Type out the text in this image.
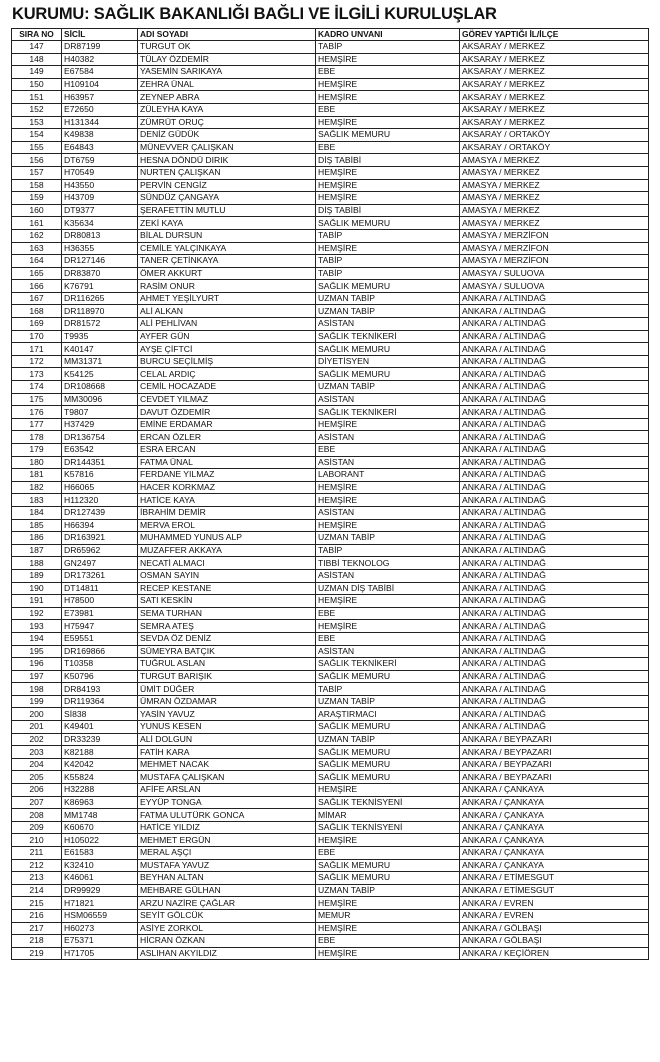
KURUMU: SAĞLIK BAKANLIĞI BAĞLI VE İLGİLİ KURULUŞLAR
SIRA NO	SİCİL	ADI SOYADI	KADRO UNVANI	GÖREV YAPTIĞI İL/İLÇE
147	DR87199	TURGUT OK	TABİP	AKSARAY / MERKEZ
148	H40382	TÜLAY ÖZDEMİR	HEMŞİRE	AKSARAY / MERKEZ
149	E67584	YASEMİN SARIKAYA	EBE	AKSARAY / MERKEZ
150	H109104	ZEHRA ÜNAL	HEMŞİRE	AKSARAY / MERKEZ
151	H63957	ZEYNEP ABRA	HEMŞİRE	AKSARAY / MERKEZ
152	E72650	ZÜLEYHA KAYA	EBE	AKSARAY / MERKEZ
153	H131344	ZÜMRÜT ORUÇ	HEMŞİRE	AKSARAY / MERKEZ
154	K49838	DENİZ GÜDÜK	SAĞLIK MEMURU	AKSARAY / ORTAKÖY
155	E64843	MÜNEVVER ÇALIŞKAN	EBE	AKSARAY / ORTAKÖY
156	DT6759	HESNA DÖNDÜ DIRIK	DİŞ TABİBİ	AMASYA / MERKEZ
157	H70549	NURTEN ÇALIŞKAN	HEMŞİRE	AMASYA / MERKEZ
158	H43550	PERVİN CENGİZ	HEMŞİRE	AMASYA / MERKEZ
159	H43709	SÜNDÜZ ÇANGAYA	HEMŞİRE	AMASYA / MERKEZ
160	DT9377	ŞERAFETTİN MUTLU	DİŞ TABİBİ	AMASYA / MERKEZ
161	K35634	ZEKİ KAYA	SAĞLIK MEMURU	AMASYA / MERKEZ
162	DR80813	BİLAL DURSUN	TABİP	AMASYA / MERZİFON
163	H36355	CEMİLE YALÇINKAYA	HEMŞİRE	AMASYA / MERZİFON
164	DR127146	TANER ÇETİNKAYA	TABİP	AMASYA / MERZİFON
165	DR83870	ÖMER AKKURT	TABİP	AMASYA / SULUOVA
166	K76791	RASİM ONUR	SAĞLIK MEMURU	AMASYA / SULUOVA
167	DR116265	AHMET YEŞİLYURT	UZMAN TABİP	ANKARA / ALTINDAĞ
168	DR118970	ALİ ALKAN	UZMAN TABİP	ANKARA / ALTINDAĞ
169	DR81572	ALİ PEHLİVAN	ASİSTAN	ANKARA / ALTINDAĞ
170	T9935	AYFER GÜN	SAĞLIK TEKNİKERİ	ANKARA / ALTINDAĞ
171	K40147	AYŞE ÇİFTCİ	SAĞLIK MEMURU	ANKARA / ALTINDAĞ
172	MM31371	BURCU SEÇİLMİŞ	DİYETİSYEN	ANKARA / ALTINDAĞ
173	K54125	CELAL ARDIÇ	SAĞLIK MEMURU	ANKARA / ALTINDAĞ
174	DR108668	CEMİL HOCAZADE	UZMAN TABİP	ANKARA / ALTINDAĞ
175	MM30096	CEVDET YILMAZ	ASİSTAN	ANKARA / ALTINDAĞ
176	T9807	DAVUT ÖZDEMİR	SAĞLIK TEKNİKERİ	ANKARA / ALTINDAĞ
177	H37429	EMİNE ERDAMAR	HEMŞİRE	ANKARA / ALTINDAĞ
178	DR136754	ERCAN ÖZLER	ASİSTAN	ANKARA / ALTINDAĞ
179	E63542	ESRA ERCAN	EBE	ANKARA / ALTINDAĞ
180	DR144351	FATMA ÜNAL	ASİSTAN	ANKARA / ALTINDAĞ
181	K57816	FERDANE YILMAZ	LABORANT	ANKARA / ALTINDAĞ
182	H66065	HACER KORKMAZ	HEMŞİRE	ANKARA / ALTINDAĞ
183	H112320	HATİCE KAYA	HEMŞİRE	ANKARA / ALTINDAĞ
184	DR127439	İBRAHİM DEMİR	ASİSTAN	ANKARA / ALTINDAĞ
185	H66394	MERVA EROL	HEMŞİRE	ANKARA / ALTINDAĞ
186	DR163921	MUHAMMED YUNUS ALP	UZMAN TABİP	ANKARA / ALTINDAĞ
187	DR65962	MUZAFFER AKKAYA	TABİP	ANKARA / ALTINDAĞ
188	GN2497	NECATİ ALMACI	TIBBİ TEKNOLOG	ANKARA / ALTINDAĞ
189	DR173261	OSMAN SAYIN	ASİSTAN	ANKARA / ALTINDAĞ
190	DT14811	RECEP KESTANE	UZMAN DİŞ TABİBİ	ANKARA / ALTINDAĞ
191	H78500	SATI KESKİN	HEMŞİRE	ANKARA / ALTINDAĞ
192	E73981	SEMA TURHAN	EBE	ANKARA / ALTINDAĞ
193	H75947	SEMRA ATEŞ	HEMŞİRE	ANKARA / ALTINDAĞ
194	E59551	SEVDA ÖZ DENİZ	EBE	ANKARA / ALTINDAĞ
195	DR169866	SÜMEYRA BATÇIK	ASİSTAN	ANKARA / ALTINDAĞ
196	T10358	TUĞRUL ASLAN	SAĞLIK TEKNİKERİ	ANKARA / ALTINDAĞ
197	K50796	TURGUT BARIŞIK	SAĞLIK MEMURU	ANKARA / ALTINDAĞ
198	DR84193	ÜMİT DÜĞER	TABİP	ANKARA / ALTINDAĞ
199	DR119364	ÜMRAN ÖZDAMAR	UZMAN TABİP	ANKARA / ALTINDAĞ
200	Sİ838	YASİN YAVUZ	ARAŞTIRMACI	ANKARA / ALTINDAĞ
201	K49401	YUNUS KESEN	SAĞLIK MEMURU	ANKARA / ALTINDAĞ
202	DR33239	ALİ DOLGUN	UZMAN TABİP	ANKARA / BEYPAZARI
203	K82188	FATİH KARA	SAĞLIK MEMURU	ANKARA / BEYPAZARI
204	K42042	MEHMET NACAK	SAĞLIK MEMURU	ANKARA / BEYPAZARI
205	K55824	MUSTAFA ÇALIŞKAN	SAĞLIK MEMURU	ANKARA / BEYPAZARI
206	H32288	AFİFE ARSLAN	HEMŞİRE	ANKARA / ÇANKAYA
207	K86963	EYYÜP TONGA	SAĞLIK TEKNİSYENİ	ANKARA / ÇANKAYA
208	MM1748	FATMA ULUTÜRK GONCA	MİMAR	ANKARA / ÇANKAYA
209	K60670	HATİCE YILDIZ	SAĞLIK TEKNİSYENİ	ANKARA / ÇANKAYA
210	H105022	MEHMET ERGÜN	HEMŞİRE	ANKARA / ÇANKAYA
211	E61583	MERAL AŞÇI	EBE	ANKARA / ÇANKAYA
212	K32410	MUSTAFA YAVUZ	SAĞLIK MEMURU	ANKARA / ÇANKAYA
213	K46061	BEYHAN ALTAN	SAĞLIK MEMURU	ANKARA / ETİMESGUT
214	DR99929	MEHBARE GÜLHAN	UZMAN TABİP	ANKARA / ETİMESGUT
215	H71821	ARZU NAZİRE ÇAĞLAR	HEMŞİRE	ANKARA / EVREN
216	HSM06559	SEYİT GÖLCÜK	MEMUR	ANKARA / EVREN
217	H60273	ASİYE ZORKOL	HEMŞİRE	ANKARA / GÖLBAŞI
218	E75371	HİCRAN ÖZKAN	EBE	ANKARA / GÖLBAŞI
219	H71705	ASLIHAN AKYILDIZ	HEMŞİRE	ANKARA / KEÇİÖREN
